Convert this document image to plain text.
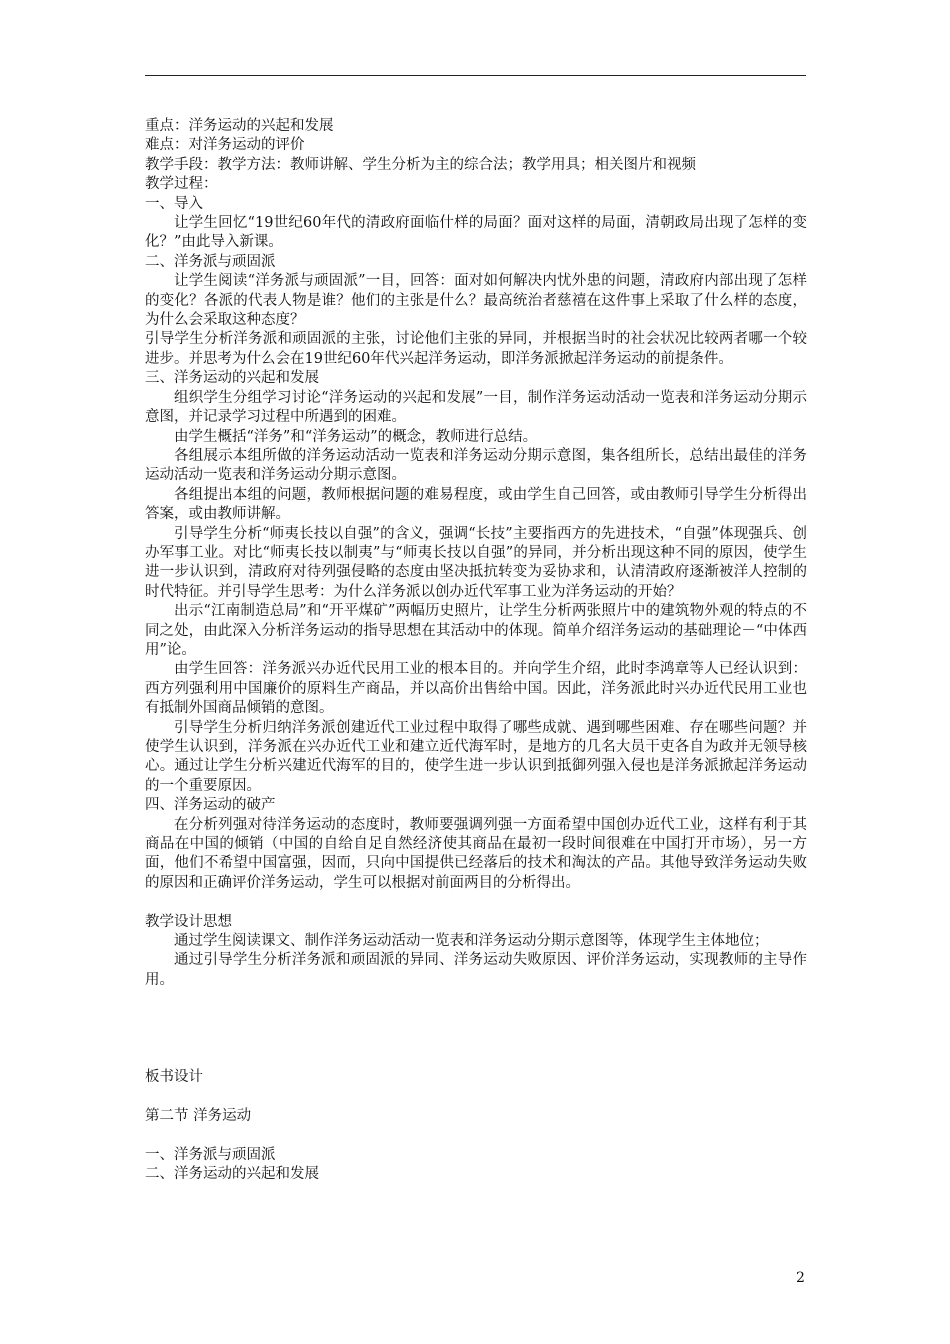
重点：洋务运动的兴起和发展

难点：对洋务运动的评价

教学手段：教学方法：教师讲解、学生分析为主的综合法；教学用具；相关图片和视频

教学过程：

一、导入

让学生回忆“19世纪60年代的清政府面临什样的局面？面对这样的局面，清朝政局出现了怎样的变化？”由此导入新课。

二、洋务派与顽固派

让学生阅读“洋务派与顽固派”一目，回答：面对如何解决内忧外患的问题，清政府内部出现了怎样的变化？各派的代表人物是谁？他们的主张是什么？最高统治者慈禧在这件事上采取了什么样的态度，为什么会采取这种态度？

引导学生分析洋务派和顽固派的主张，讨论他们主张的异同，并根据当时的社会状况比较两者哪一个较进步。并思考为什么会在19世纪60年代兴起洋务运动，即洋务派掀起洋务运动的前提条件。

三、洋务运动的兴起和发展

组织学生分组学习讨论“洋务运动的兴起和发展”一目，制作洋务运动活动一览表和洋务运动分期示意图，并记录学习过程中所遇到的困难。

由学生概括“洋务”和“洋务运动”的概念，教师进行总结。

各组展示本组所做的洋务运动活动一览表和洋务运动分期示意图，集各组所长，总结出最佳的洋务运动活动一览表和洋务运动分期示意图。

各组提出本组的问题，教师根据问题的难易程度，或由学生自己回答，或由教师引导学生分析得出答案，或由教师讲解。

引导学生分析“师夷长技以自强”的含义，强调“长技”主要指西方的先进技术，“自强”体现强兵、创办军事工业。对比“师夷长技以制夷”与“师夷长技以自强”的异同，并分析出现这种不同的原因，使学生进一步认识到，清政府对待列强侵略的态度由坚决抵抗转变为妥协求和，认清清政府逐渐被洋人控制的时代特征。并引导学生思考：为什么洋务派以创办近代军事工业为洋务运动的开始？

出示“江南制造总局”和“开平煤矿”两幅历史照片，让学生分析两张照片中的建筑物外观的特点的不同之处，由此深入分析洋务运动的指导思想在其活动中的体现。简单介绍洋务运动的基础理论－“中体西用”论。

由学生回答：洋务派兴办近代民用工业的根本目的。并向学生介绍，此时李鸿章等人已经认识到：西方列强利用中国廉价的原料生产商品，并以高价出售给中国。因此，洋务派此时兴办近代民用工业也有抵制外国商品倾销的意图。

引导学生分析归纳洋务派创建近代工业过程中取得了哪些成就、遇到哪些困难、存在哪些问题？并使学生认识到，洋务派在兴办近代工业和建立近代海军时，是地方的几名大员干吏各自为政并无领导核心。通过让学生分析兴建近代海军的目的，使学生进一步认识到抵御列强入侵也是洋务派掀起洋务运动的一个重要原因。

四、洋务运动的破产

在分析列强对待洋务运动的态度时，教师要强调列强一方面希望中国创办近代工业，这样有利于其商品在中国的倾销（中国的自给自足自然经济使其商品在最初一段时间很难在中国打开市场），另一方面，他们不希望中国富强，因而，只向中国提供已经落后的技术和淘汰的产品。其他导致洋务运动失败的原因和正确评价洋务运动，学生可以根据对前面两目的分析得出。

教学设计思想

通过学生阅读课文、制作洋务运动活动一览表和洋务运动分期示意图等，体现学生主体地位；

通过引导学生分析洋务派和顽固派的异同、洋务运动失败原因、评价洋务运动，实现教师的主导作用。

板书设计

第二节 洋务运动

一、洋务派与顽固派

二、洋务运动的兴起和发展

2
